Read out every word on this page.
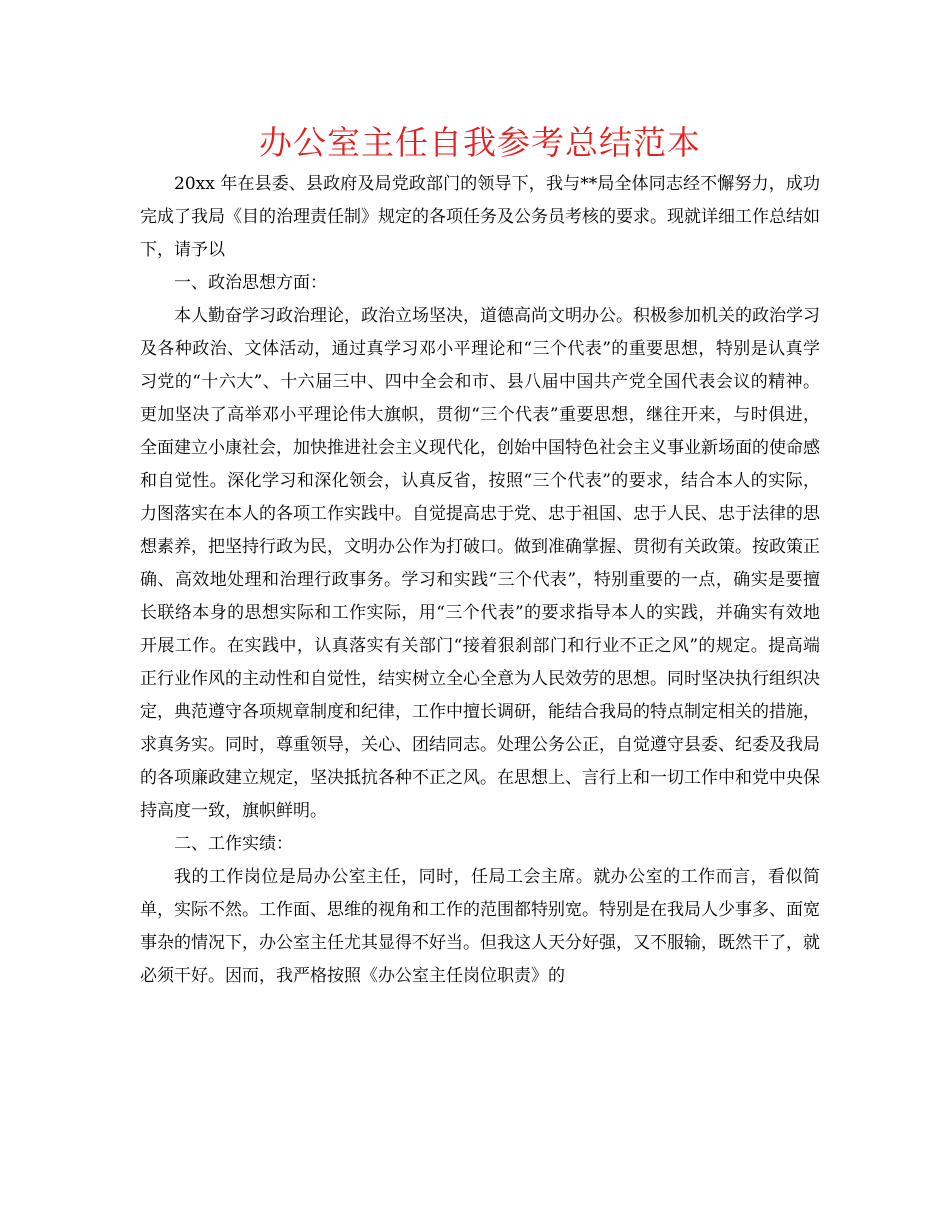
办公室主任自我参考总结范本

20xx 年在县委、县政府及局党政部门的领导下，我与**局全体同志经不懈努力，成功完成了我局《目的治理责任制》规定的各项任务及公务员考核的要求。现就详细工作总结如下，请予以

一、政治思想方面：

本人勤奋学习政治理论，政治立场坚决，道德高尚文明办公。积极参加机关的政治学习及各种政治、文体活动，通过真学习邓小平理论和“三个代表”的重要思想，特别是认真学习党的“十六大”、十六届三中、四中全会和市、县八届中国共产党全国代表会议的精神。更加坚决了高举邓小平理论伟大旗帜，贯彻“三个代表”重要思想，继往开来，与时俱进，全面建立小康社会，加快推进社会主义现代化，创始中国特色社会主义事业新场面的使命感和自觉性。深化学习和深化领会，认真反省，按照“三个代表”的要求，结合本人的实际，力图落实在本人的各项工作实践中。自觉提高忠于党、忠于祖国、忠于人民、忠于法律的思想素养，把坚持行政为民，文明办公作为打破口。做到准确掌握、贯彻有关政策。按政策正确、高效地处理和治理行政事务。学习和实践“三个代表”，特别重要的一点，确实是要擅长联络本身的思想实际和工作实际，用“三个代表”的要求指导本人的实践，并确实有效地开展工作。在实践中，认真落实有关部门“接着狠刹部门和行业不正之风”的规定。提高端正行业作风的主动性和自觉性，结实树立全心全意为人民效劳的思想。同时坚决执行组织决定，典范遵守各项规章制度和纪律，工作中擅长调研，能结合我局的特点制定相关的措施，求真务实。同时，尊重领导，关心、团结同志。处理公务公正，自觉遵守县委、纪委及我局的各项廉政建立规定，坚决抵抗各种不正之风。在思想上、言行上和一切工作中和党中央保持高度一致，旗帜鲜明。

二、工作实绩：

我的工作岗位是局办公室主任，同时，任局工会主席。就办公室的工作而言，看似简单，实际不然。工作面、思维的视角和工作的范围都特别宽。特别是在我局人少事多、面宽事杂的情况下，办公室主任尤其显得不好当。但我这人天分好强，又不服输，既然干了，就必须干好。因而，我严格按照《办公室主任岗位职责》的
